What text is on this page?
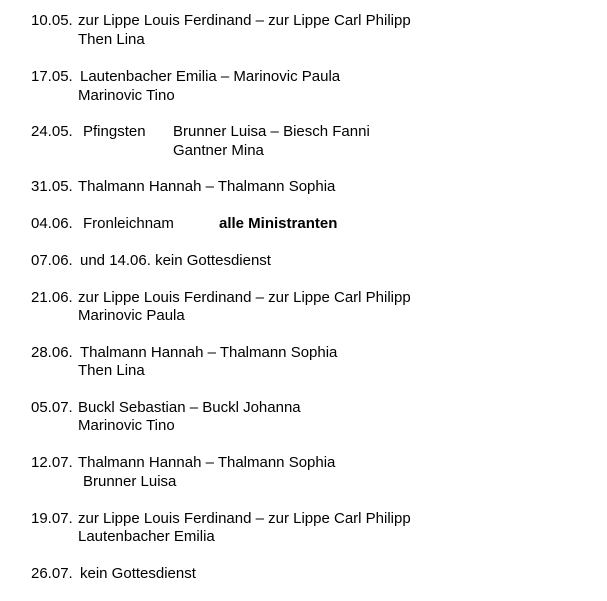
10.05. zur Lippe Louis Ferdinand – zur Lippe Carl Philipp
Then Lina
17.05. Lautenbacher Emilia – Marinovic Paula
Marinovic Tino
24.05. Pfingsten Brunner Luisa – Biesch Fanni
Gantner Mina
31.05. Thalmann Hannah – Thalmann Sophia
04.06. Fronleichnam	alle Ministranten
07.06. und 14.06. kein Gottesdienst
21.06. zur Lippe Louis Ferdinand – zur Lippe Carl Philipp
Marinovic Paula
28.06. Thalmann Hannah – Thalmann Sophia
Then Lina
05.07. Buckl Sebastian – Buckl Johanna
Marinovic Tino
12.07. Thalmann Hannah – Thalmann Sophia
Brunner Luisa
19.07. zur Lippe Louis Ferdinand – zur Lippe Carl Philipp
Lautenbacher Emilia
26.07. kein Gottesdienst
